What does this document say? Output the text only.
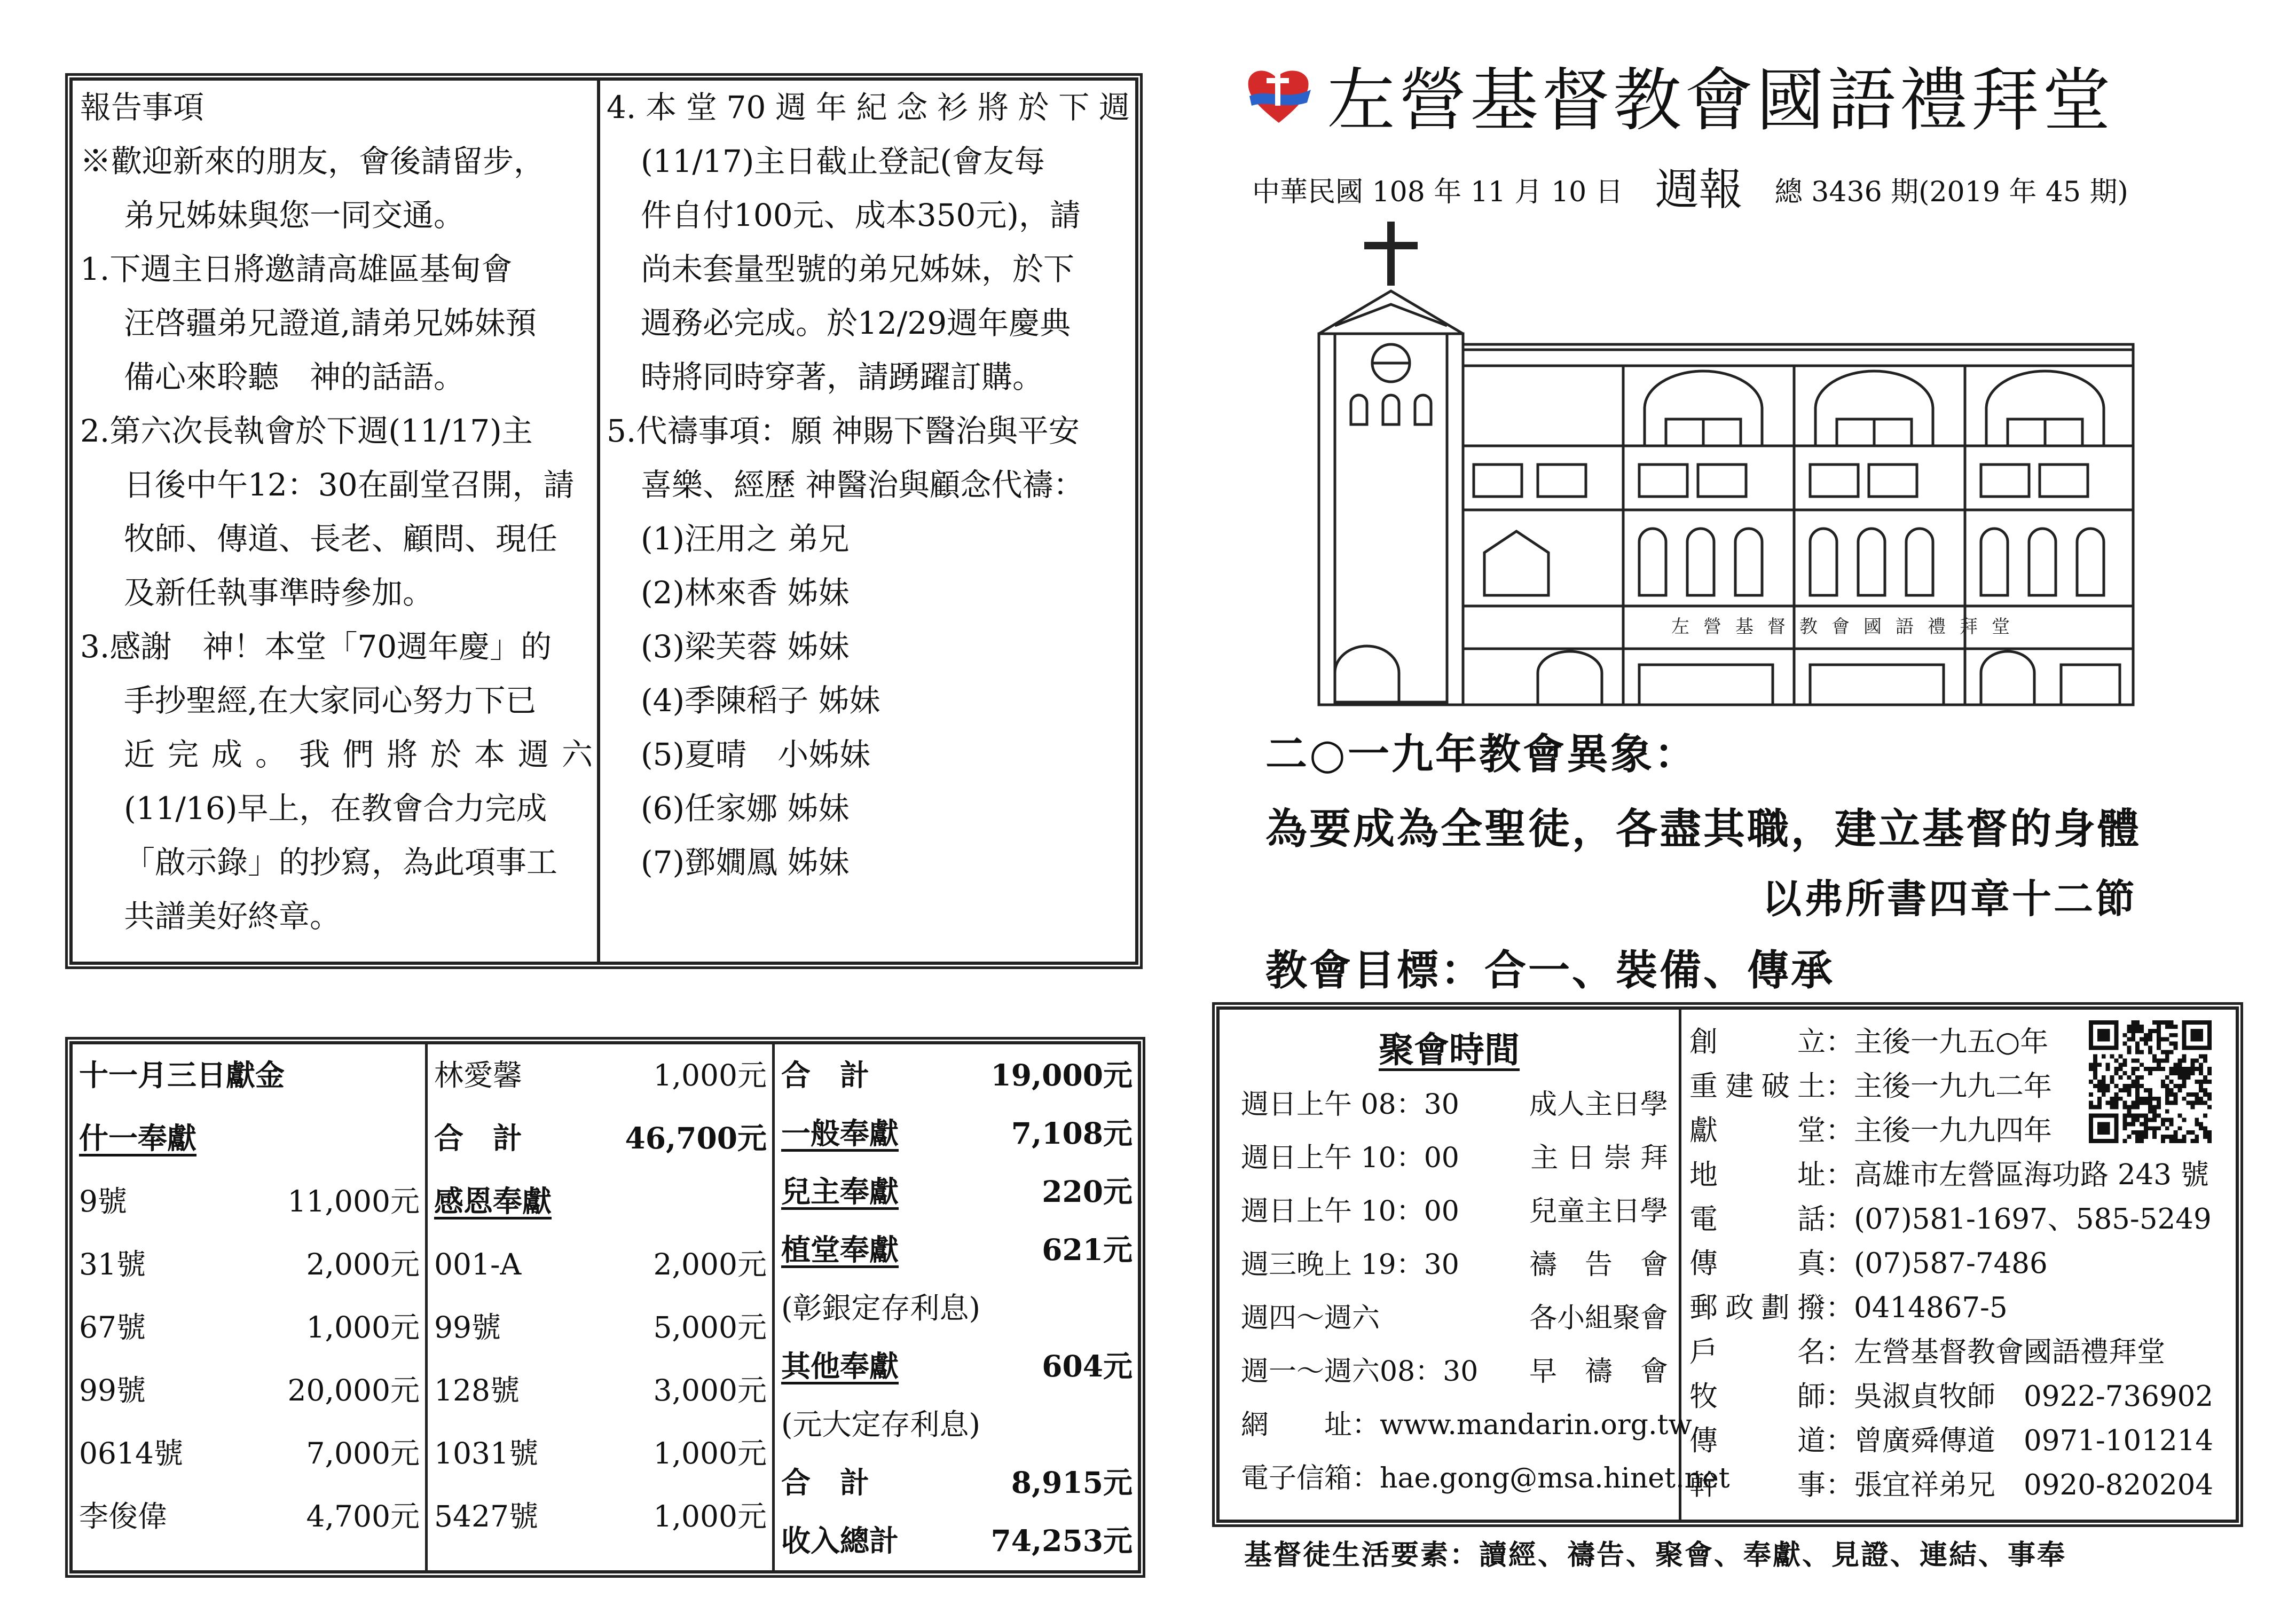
報告事項
※歡迎新來的朋友，會後請留步，
弟兄姊妹與您一同交通。
1.下週主日將邀請高雄區基甸會
汪啓疆弟兄證道,請弟兄姊妹預
備心來聆聽　神的話語。
2.第六次長執會於下週(11/17)主
日後中午12：30在副堂召開，請
牧師、傳道、長老、顧問、現任
及新任執事準時參加。
3.感謝　神！本堂「70週年慶」的
手抄聖經,在大家同心努力下已
近完成。我們將於本週六
(11/16)早上，在教會合力完成
「啟示錄」的抄寫，為此項事工
共譜美好終章。
4.本堂70週年紀念衫將於下週
(11/17)主日截止登記(會友每
件自付100元、成本350元)，請
尚未套量型號的弟兄姊妹，於下
週務必完成。於12/29週年慶典
時將同時穿著，請踴躍訂購。
5.代禱事項：願 神賜下醫治與平安
喜樂、經歷 神醫治與顧念代禱：
(1)汪用之 弟兄
(2)林來香 姊妹
(3)梁芙蓉 姊妹
(4)季陳稻子 姊妹
(5)夏晴　小姊妹
(6)任家娜 姊妹
(7)鄧嫺鳳 姊妹
十一月三日獻金
什一奉獻
9號	11,000元
31號	2,000元
67號	1,000元
99號	20,000元
0614號	7,000元
李俊偉	4,700元
林愛馨	1,000元
合　計	46,700元
感恩奉獻
001-A	2,000元
99號	5,000元
128號	3,000元
1031號	1,000元
5427號	1,000元
合　計	19,000元
一般奉獻	7,108元
兒主奉獻	220元
植堂奉獻	621元
(彰銀定存利息)
其他奉獻	604元
(元大定存利息)
合　計	8,915元
收入總計	74,253元
左營基督教會國語禮拜堂
中華民國 108 年 11 月 10 日 週報 總 3436 期(2019 年 45 期)
左營基督教會國語禮拜堂
二○一九年教會異象：
為要成為全聖徒，各盡其職，建立基督的身體
以弗所書四章十二節
教會目標：合一、裝備、傳承
聚會時間
週日上午 08：30	成人主日學
週日上午 10：00	主 日 崇 拜
週日上午 10：00	兒童主日學
週三晚上 19：30	禱　告　會
週四～週六	各小組聚會
週一～週六08：30 早　禱　會
網　　址：www.mandarin.org.tw
電子信箱：hae.gong@msa.hinet.net
創立：主後一九五○年
重建破土：主後一九九二年
獻堂：主後一九九四年
地址：高雄市左營區海功路 243 號
電話：(07)581-1697、585-5249
傳真：(07)587-7486
郵政劃撥：0414867-5
戶名：左營基督教會國語禮拜堂
牧師：吳淑貞牧師　0922-736902
傳道：曾廣舜傳道　0971-101214
幹事：張宜祥弟兄　0920-820204
基督徒生活要素：讀經、禱告、聚會、奉獻、見證、連結、事奉
